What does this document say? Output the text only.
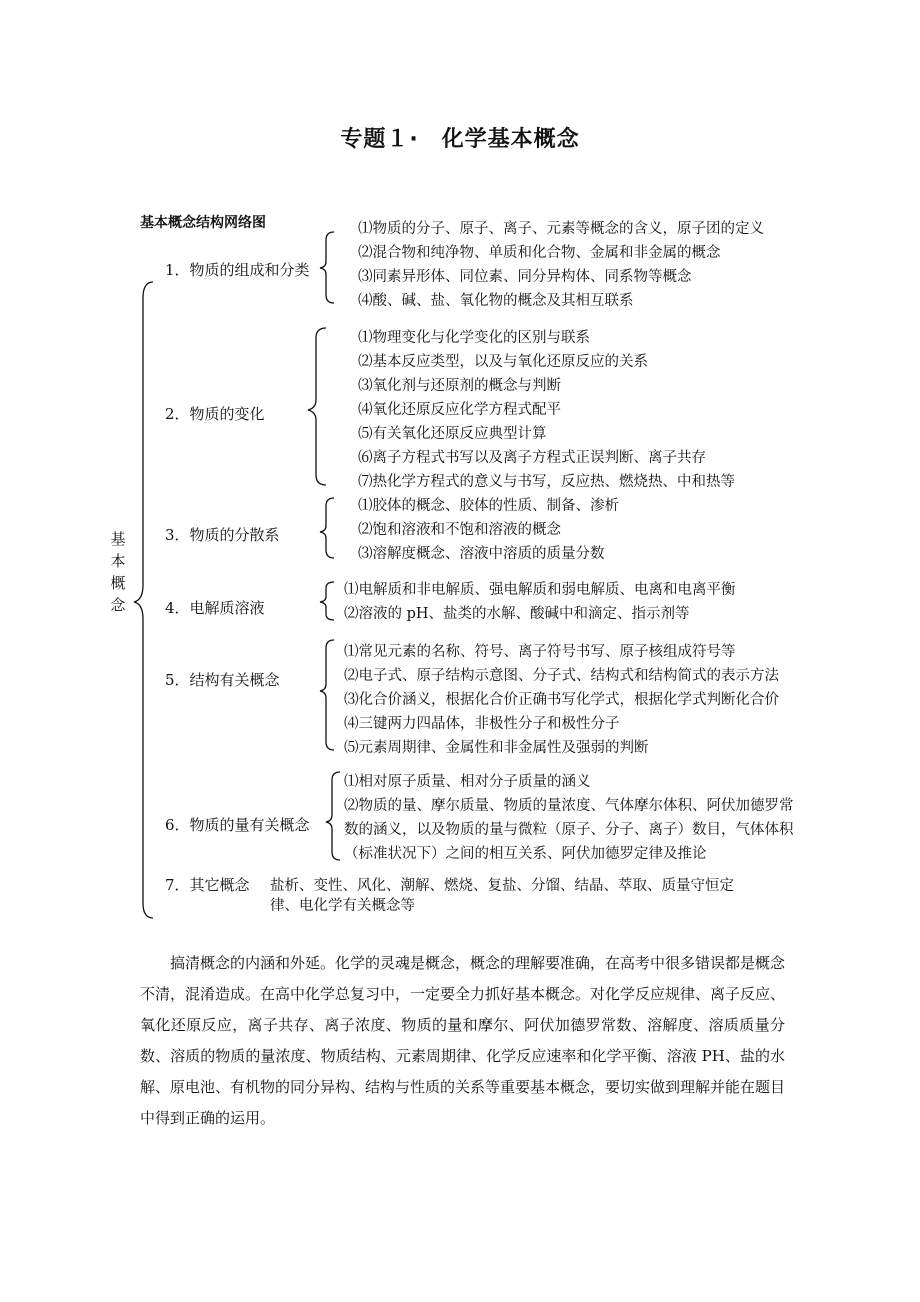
专题１·　化学基本概念
基本概念结构网络图
基
本
概
念
1．物质的组成和分类
⑴物质的分子、原子、离子、元素等概念的含义，原子团的定义
⑵混合物和纯净物、单质和化合物、金属和非金属的概念
⑶同素异形体、同位素、同分异构体、同系物等概念
⑷酸、碱、盐、氧化物的概念及其相互联系
2．物质的变化
⑴物理变化与化学变化的区别与联系
⑵基本反应类型，以及与氧化还原反应的关系
⑶氧化剂与还原剂的概念与判断
⑷氧化还原反应化学方程式配平
⑸有关氧化还原反应典型计算
⑹离子方程式书写以及离子方程式正误判断、离子共存
⑺热化学方程式的意义与书写，反应热、燃烧热、中和热等
3．物质的分散系
⑴胶体的概念、胶体的性质、制备、渗析
⑵饱和溶液和不饱和溶液的概念
⑶溶解度概念、溶液中溶质的质量分数
4．电解质溶液
⑴电解质和非电解质、强电解质和弱电解质、电离和电离平衡
⑵溶液的 pH、盐类的水解、酸碱中和滴定、指示剂等
5．结构有关概念
⑴常见元素的名称、符号、离子符号书写、原子核组成符号等
⑵电子式、原子结构示意图、分子式、结构式和结构简式的表示方法
⑶化合价涵义，根据化合价正确书写化学式，根据化学式判断化合价
⑷三键两力四晶体，非极性分子和极性分子
⑸元素周期律、金属性和非金属性及强弱的判断
6．物质的量有关概念
⑴相对原子质量、相对分子质量的涵义
⑵物质的量、摩尔质量、物质的量浓度、气体摩尔体积、阿伏加德罗常
数的涵义，以及物质的量与微粒（原子、分子、离子）数目，气体体积
（标准状况下）之间的相互关系、阿伏加德罗定律及推论
7．其它概念 盐析、变性、风化、潮解、燃烧、复盐、分馏、结晶、萃取、质量守恒定
律、电化学有关概念等

搞清概念的内涵和外延。化学的灵魂是概念，概念的理解要准确，在高考中很多错误都是概念不清，混淆造成。在高中化学总复习中，一定要全力抓好基本概念。对化学反应规律、离子反应、氧化还原反应，离子共存、离子浓度、物质的量和摩尔、阿伏加德罗常数、溶解度、溶质质量分数、溶质的物质的量浓度、物质结构、元素周期律、化学反应速率和化学平衡、溶液 PH、盐的水解、原电池、有机物的同分异构、结构与性质的关系等重要基本概念，要切实做到理解并能在题目中得到正确的运用。
